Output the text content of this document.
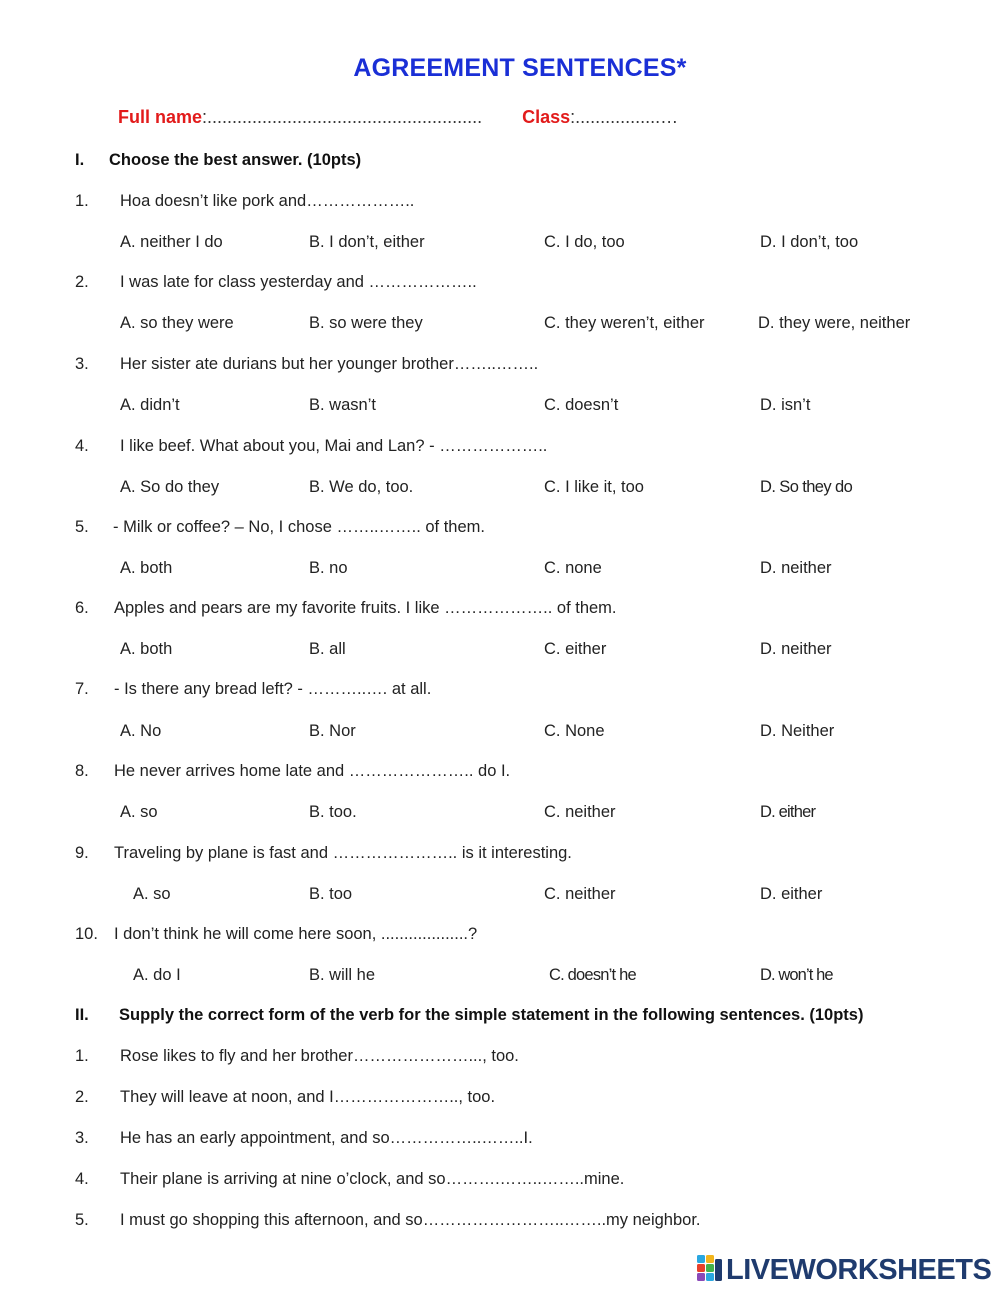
AGREEMENT SENTENCES*
Full name:....................................................... Class:.................…
I. Choose the best answer. (10pts)
1. Hoa doesn’t like pork and………………..
A. neither I do	B. I don’t, either	C. I do, too	D. I don’t, too
2. I was late for class yesterday and ………………..
A. so they were	B. so were they	C. they weren’t, either	D. they were, neither
3. Her sister ate durians but her younger brother……..……..
A. didn’t	B. wasn’t	C. doesn’t	D. isn’t
4. I like beef. What about you, Mai and Lan? - ………………..
A. So do they	B. We do, too.	C. I like it, too	D. So they do
5. - Milk or coffee? – No, I chose ……..…….. of them.
A. both	B. no	C. none	D. neither
6. Apples and pears are my favorite fruits. I like ……………….. of them.
A. both	B. all	C. either	D. neither
7. - Is there any bread left? - ………..…. at all.
A. No	B. Nor	C. None	D. Neither
8. He never arrives home late and ………………….. do I.
A. so	B. too.	C. neither	D. either
9. Traveling by plane is fast and ………………….. is it interesting.
A. so	B. too	C. neither	D. either
10. I don’t think he will come here soon, ...................?
A. do I	B. will he	C. doesn’t he	D. won’t he
II. Supply the correct form of the verb for the simple statement in the following sentences. (10pts)
1. Rose likes to fly and her brother…………………..., too.
2. They will leave at noon, and I………………….., too.
3. He has an early appointment, and so……………..……..I.
4. Their plane is arriving at nine o’clock, and so……….……..……..mine.
5. I must go shopping this afternoon, and so……………………..……..my neighbor.
LIVEWORKSHEETS
